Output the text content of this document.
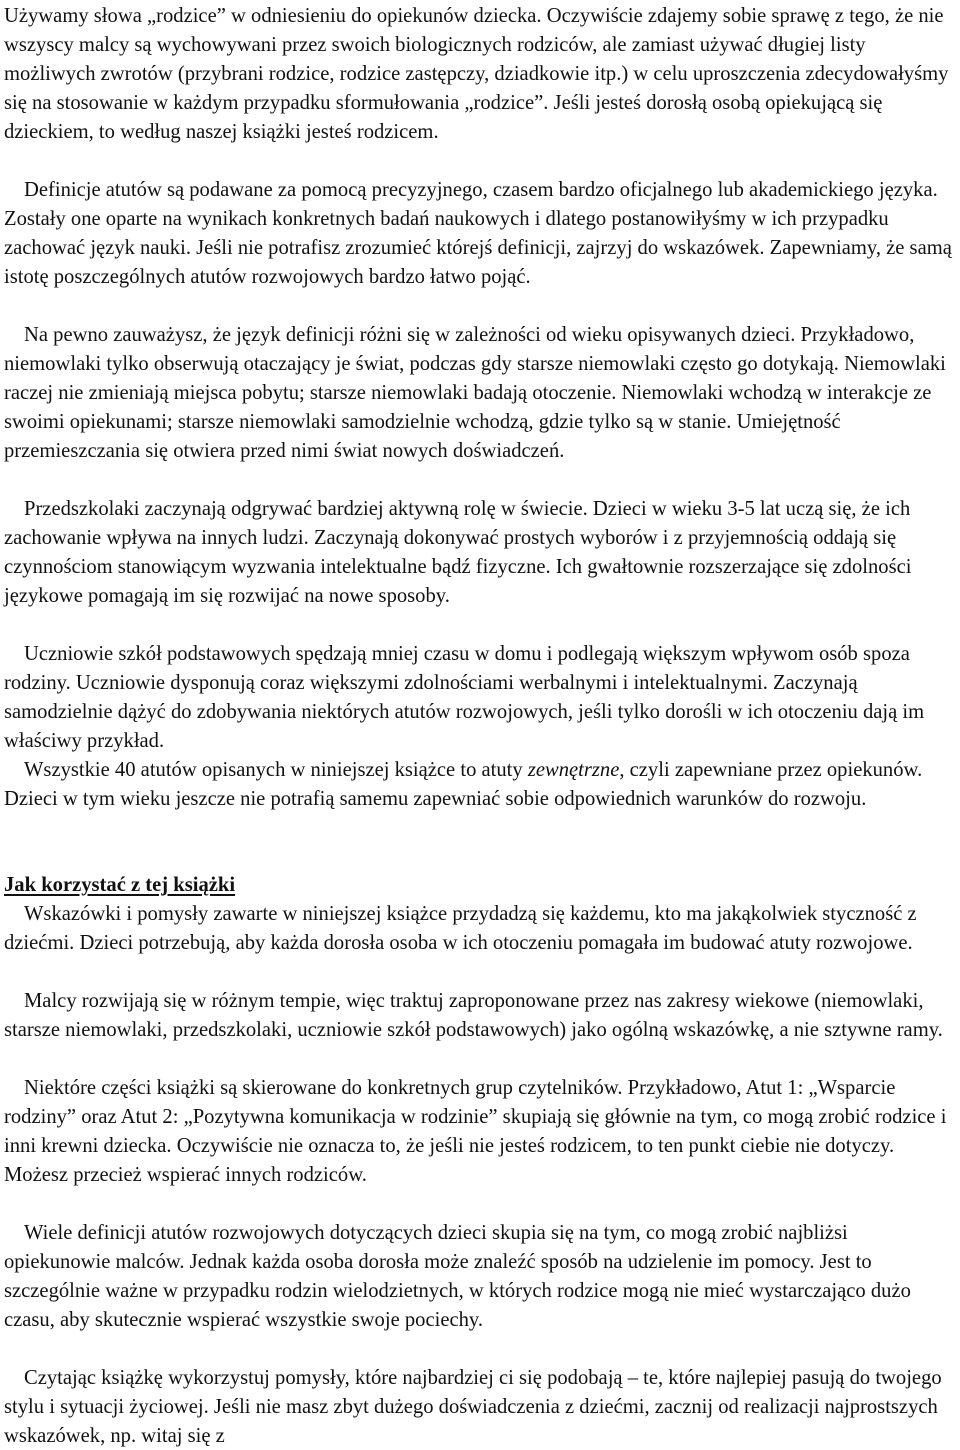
Używamy słowa „rodzice” w odniesieniu do opiekunów dziecka. Oczywiście zdajemy sobie sprawę z tego, że nie wszyscy malcy są wychowywani przez swoich biologicznych rodziców, ale zamiast używać długiej listy możliwych zwrotów (przybrani rodzice, rodzice zastępczy, dziadkowie itp.) w celu uproszczenia zdecydowałyśmy się na stosowanie w każdym przypadku sformułowania „rodzice”. Jeśli jesteś dorosłą osobą opiekującą się dzieckiem, to według naszej książki jesteś rodzicem.

Definicje atutów są podawane za pomocą precyzyjnego, czasem bardzo oficjalnego lub akademickiego języka. Zostały one oparte na wynikach konkretnych badań naukowych i dlatego postanowiłyśmy w ich przypadku zachować język nauki. Jeśli nie potrafisz zrozumieć którejś definicji, zajrzyj do wskazówek. Zapewniamy, że samą istotę poszczególnych atutów rozwojowych bardzo łatwo pojąć.

Na pewno zauważysz, że język definicji różni się w zależności od wieku opisywanych dzieci. Przykładowo, niemowlaki tylko obserwują otaczający je świat, podczas gdy starsze niemowlaki często go dotykają. Niemowlaki raczej nie zmieniają miejsca pobytu; starsze niemowlaki badają otoczenie. Niemowlaki wchodzą w interakcje ze swoimi opiekunami; starsze niemowlaki samodzielnie wchodzą, gdzie tylko są w stanie. Umiejętność przemieszczania się otwiera przed nimi świat nowych doświadczeń.

Przedszkolaki zaczynają odgrywać bardziej aktywną rolę w świecie. Dzieci w wieku 3-5 lat uczą się, że ich zachowanie wpływa na innych ludzi. Zaczynają dokonywać prostych wyborów i z przyjemnością oddają się czynnościom stanowiącym wyzwania intelektualne bądź fizyczne. Ich gwałtownie rozszerzające się zdolności językowe pomagają im się rozwijać na nowe sposoby.

Uczniowie szkół podstawowych spędzają mniej czasu w domu i podlegają większym wpływom osób spoza rodziny. Uczniowie dysponują coraz większymi zdolnościami werbalnymi i intelektualnymi. Zaczynają samodzielnie dążyć do zdobywania niektórych atutów rozwojowych, jeśli tylko dorośli w ich otoczeniu dają im właściwy przykład.

Wszystkie 40 atutów opisanych w niniejszej książce to atuty zewnętrzne, czyli zapewniane przez opiekunów. Dzieci w tym wieku jeszcze nie potrafią samemu zapewniać sobie odpowiednich warunków do rozwoju.

Jak korzystać z tej książki

Wskazówki i pomysły zawarte w niniejszej książce przydadzą się każdemu, kto ma jakąkolwiek styczność z dziećmi. Dzieci potrzebują, aby każda dorosła osoba w ich otoczeniu pomagała im budować atuty rozwojowe.

Malcy rozwijają się w różnym tempie, więc traktuj zaproponowane przez nas zakresy wiekowe (niemowlaki, starsze niemowlaki, przedszkolaki, uczniowie szkół podstawowych) jako ogólną wskazówkę, a nie sztywne ramy.

Niektóre części książki są skierowane do konkretnych grup czytelników. Przykładowo, Atut 1: „Wsparcie rodziny” oraz Atut 2: „Pozytywna komunikacja w rodzinie” skupiają się głównie na tym, co mogą zrobić rodzice i inni krewni dziecka. Oczywiście nie oznacza to, że jeśli nie jesteś rodzicem, to ten punkt ciebie nie dotyczy. Możesz przecież wspierać innych rodziców.

Wiele definicji atutów rozwojowych dotyczących dzieci skupia się na tym, co mogą zrobić najbliżsi opiekunowie malców. Jednak każda osoba dorosła może znaleźć sposób na udzielenie im pomocy. Jest to szczególnie ważne w przypadku rodzin wielodzietnych, w których rodzice mogą nie mieć wystarczająco dużo czasu, aby skutecznie wspierać wszystkie swoje pociechy.

Czytając książkę wykorzystuj pomysły, które najbardziej ci się podobają – te, które najlepiej pasują do twojego stylu i sytuacji życiowej. Jeśli nie masz zbyt dużego doświadczenia z dziećmi, zacznij od realizacji najprostszych wskazówek, np. witaj się z
